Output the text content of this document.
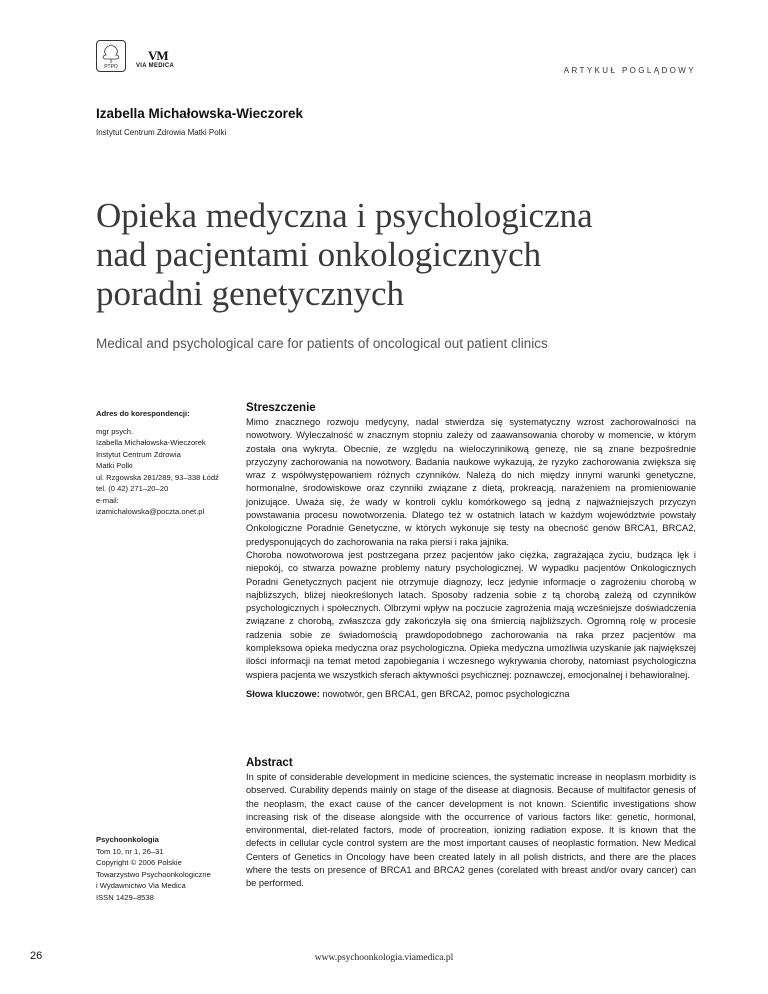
PTPO
VM
VIA MEDICA	ARTYKUŁ POGLĄDOWY
Izabella Michałowska-Wieczorek
Instytut Centrum Zdrowia Matki Polki
Opieka medyczna i psychologiczna
nad pacjentami onkologicznych
poradni genetycznych
Medical and psychological care for patients of oncological out patient clinics
Adres do korespondencji:
mgr psych.
Izabella Michałowska-Wieczorek
Instytut Centrum Zdrowia
Matki Polki
ul. Rzgowska 281/289, 93–338 Łódź
tel. (0 42) 271–20–20
e-mail:
izamichalowska@poczta.onet.pl
Streszczenie

Mimo znacznego rozwoju medycyny, nadal stwierdza się systematyczny wzrost zachorowalności na nowotwory. Wyleczalność w znacznym stopniu zależy od zaawansowania choroby w momencie, w którym została ona wykryta. Obecnie, ze względu na wieloczynnikową genezę, nie są znane bezpośrednie przyczyny zachorowania na nowotwory. Badania naukowe wykazują, że ryzyko zachorowania zwiększa się wraz z współwystępowaniem różnych czynników. Należą do nich między innymi warunki genetyczne, hormonalne, środowiskowe oraz czynniki związane z dietą, prokreacją, narażeniem na promieniowanie jonizujące. Uważa się, że wady w kontroli cyklu komórkowego są jedną z najważniejszych przyczyn powstawania procesu nowotworzenia. Dlatego też w ostatnich latach w każdym województwie powstały Onkologiczne Poradnie Genetyczne, w których wykonuje się testy na obecność genów BRCA1, BRCA2, predysponujących do zachorowania na raka piersi i raka jajnika.

Choroba nowotworowa jest postrzegana przez pacjentów jako ciężka, zagrażająca życiu, budząca lęk i niepokój, co stwarza poważne problemy natury psychologicznej. W wypadku pacjentów Onkologicznych Poradni Genetycznych pacjent nie otrzymuje diagnozy, lecz jedynie informacje o zagrożeniu chorobą w najbliższych, bliżej nieokreślonych latach. Sposoby radzenia sobie z tą chorobą zależą od czynników psychologicznych i społecznych. Olbrzymi wpływ na poczucie zagrożenia mają wcześniejsze doświadczenia związane z chorobą, zwłaszcza gdy zakończyła się ona śmiercią najbliższych. Ogromną rolę w procesie radzenia sobie ze świadomością prawdopodobnego zachorowania na raka przez pacjentów ma kompleksowa opieka medyczna oraz psychologiczna. Opieka medyczna umożliwia uzyskanie jak największej ilości informacji na temat metod zapobiegania i wczesnego wykrywania choroby, natomiast psychologiczna wspiera pacjenta we wszystkich sferach aktywności psychicznej: poznawczej, emocjonalnej i behawioralnej.

Słowa kluczowe: nowotwór, gen BRCA1, gen BRCA2, pomoc psychologiczna

Psychoonkologia
Tom 10, nr 1, 26–31
Copyright © 2006 Polskie
Towarzystwo Psychoonkologiczne
i Wydawnictwo Via Medica
ISSN 1429–8538
Abstract

In spite of considerable development in medicine sciences, the systematic increase in neoplasm morbidity is observed. Curability depends mainly on stage of the disease at diagnosis. Because of multifactor genesis of the neoplasm, the exact cause of the cancer development is not known. Scientific investigations show increasing risk of the disease alongside with the occurrence of various factors like: genetic, hormonal, environmental, diet-related factors, mode of procreation, ionizing radiation expose. It is known that the defects in cellular cycle control system are the most important causes of neoplastic formation. New Medical Centers of Genetics in Oncology have been created lately in all polish districts, and there are the places where the tests on presence of BRCA1 and BRCA2 genes (corelated with breast and/or ovary cancer) can be performed.

26	www.psychoonkologia.viamedica.pl
